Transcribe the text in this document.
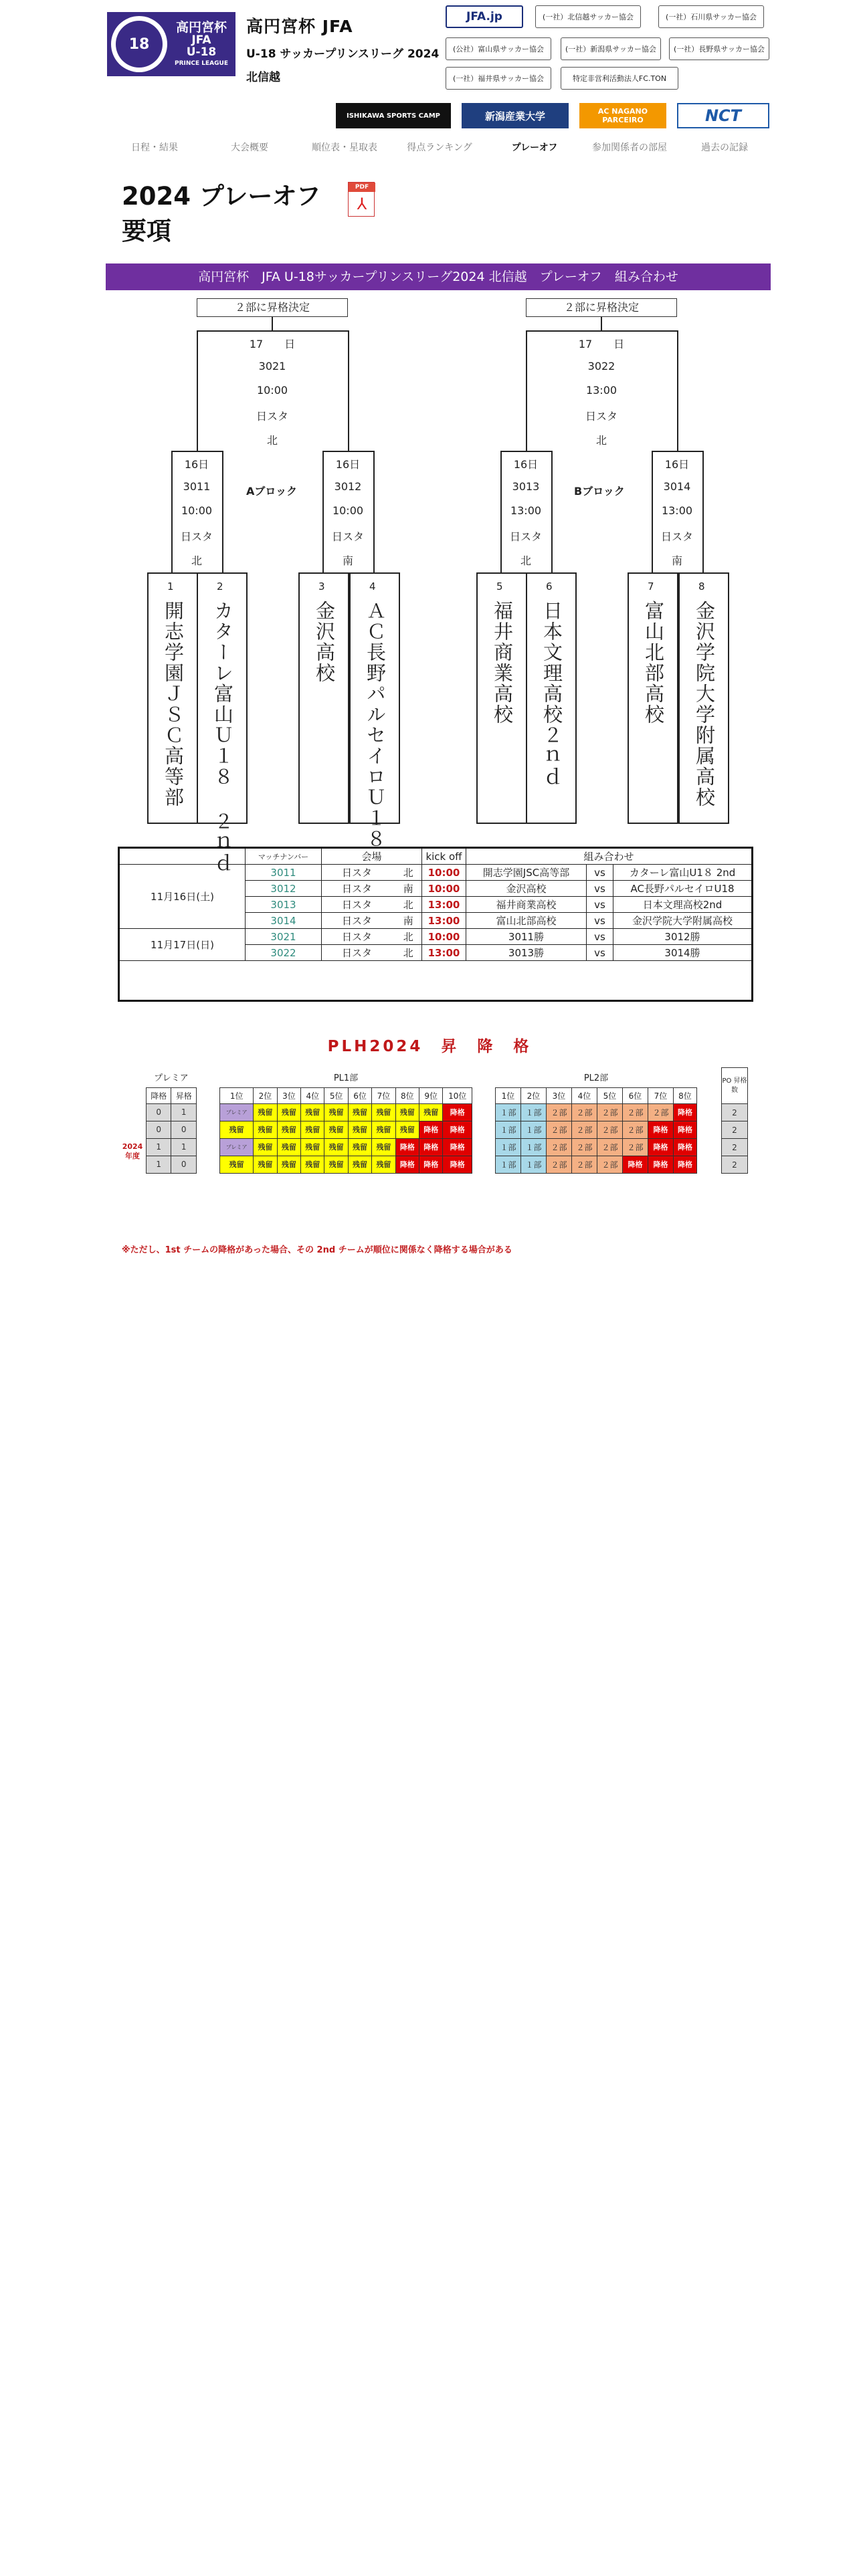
18
高円宮杯
JFA
U-18
PRINCE LEAGUE
高円宮杯 JFA
U-18 サッカープリンスリーグ 2024
北信越
JFA.jp	(一社）北信越サッカー協会	(一社）石川県サッカー協会
(公社）富山県サッカー協会	(一社）新潟県サッカー協会	(一社）長野県サッカー協会
(一社）福井県サッカー協会	特定非営利活動法人FC.TON
ISHIKAWA SPORTS CAMP	新潟産業大学	AC NAGANO PARCEIRO	NCT
日程・結果	大会概要	順位表・星取表	得点ランキング	プレーオフ	参加関係者の部屋	過去の記録
2024 プレーオフ要項
PDF
⅄
高円宮杯　JFA U-18サッカープリンスリーグ2024 北信越　プレーオフ　組み合わせ
２部に昇格決定
17　　日
3021
10:00
日スタ
北
16日
3011
10:00
日スタ
北
16日
3012
10:00
日スタ
南
Aブロック
1
開志学園ＪＳＣ高等部
2
カターレ富山Ｕ１８ ２ｎｄ
3
金沢高校
4
ＡＣ長野パルセイロＵ１８
２部に昇格決定
17　　日
3022
13:00
日スタ
北
16日
3013
13:00
日スタ
北
16日
3014
13:00
日スタ
南
Bブロック
5
福井商業高校
6
日本文理高校２ｎｄ
7
富山北部高校
8
金沢学院大学附属高校
	マッチナンバー	会場		kick off	組み合わせ		
11月16日(土)	3011	日スタ	北	10:00	開志学園JSC高等部	vs	カターレ富山U1８ 2nd
	3012	日スタ	南	10:00	金沢高校	vs	AC長野パルセイロU18
	3013	日スタ	北	13:00	福井商業高校	vs	日本文理高校2nd
	3014	日スタ	南	13:00	富山北部高校	vs	金沢学院大学附属高校
11月17日(日)	3021	日スタ	北	10:00	3011勝	vs	3012勝
	3022	日スタ	北	13:00	3013勝	vs	3014勝
PLH2024　昇　降　格
2024 年度
プレミア	
降格	昇格
0	1
0	0
1	1
1	0
PL1部									
1位	2位	3位	4位	5位	6位	7位	8位	9位	10位
プレミア	残留	残留	残留	残留	残留	残留	残留	残留	降格
残留	残留	残留	残留	残留	残留	残留	残留	降格	降格
プレミア	残留	残留	残留	残留	残留	残留	降格	降格	降格
残留	残留	残留	残留	残留	残留	残留	降格	降格	降格
PL2部							
1位	2位	3位	4位	5位	6位	7位	8位
１部	１部	２部	２部	２部	２部	２部	降格
１部	１部	２部	２部	２部	２部	降格	降格
１部	１部	２部	２部	２部	２部	降格	降格
１部	１部	２部	２部	２部	降格	降格	降格
PO 昇格数
2
2
2
2
※ただし、1st チームの降格があった場合、その 2nd チームが順位に関係なく降格する場合がある
